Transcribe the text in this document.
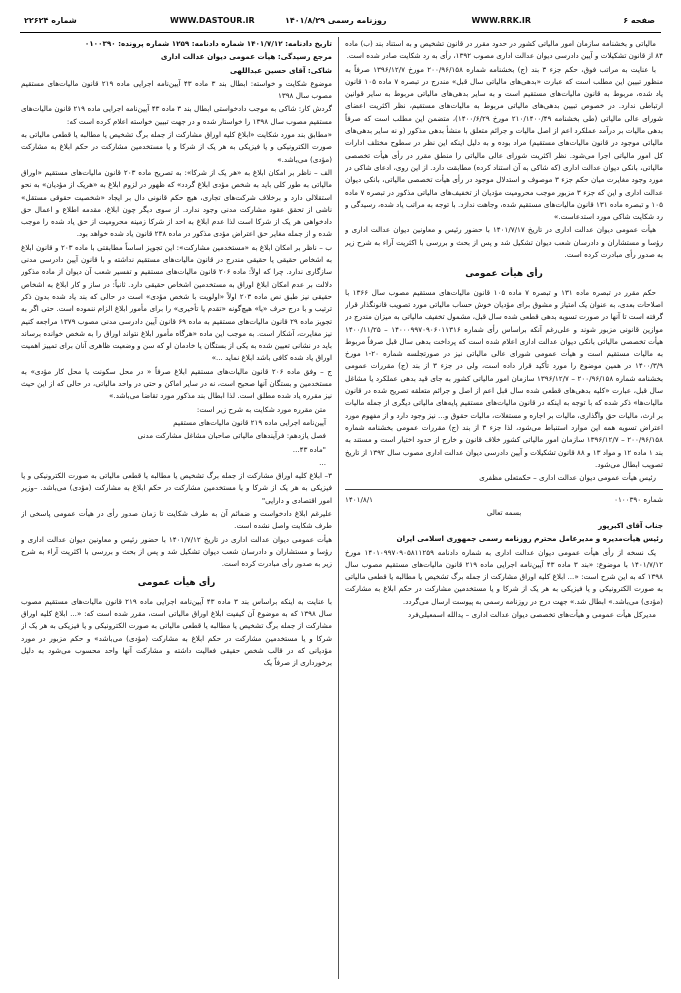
صفحه ۶
WWW.RRK.IR
روزنامه رسمی ۱۴۰۱/۸/۲۹
WWW.DASTOUR.IR
شماره ۲۲۶۲۴

مالیاتی و بخشنامه سازمان امور مالیاتی کشور در حدود مقرر در قانون تشخیص و به استناد بند (ب) ماده ۸۴ از قانون تشکیلات و آیین دادرسی دیوان عدالت اداری مصوب ۱۳۹۲، رأی به رد شکایت صادر شده است.

با عنایت به مراتب فوق، حکم جزء ۳ بند (ج) بخشنامه شماره ۲۰۰/۹۶/۱۵۸ مورخ ۱۳۹۶/۱۲/۷ صرفاً به منظور تبیین این مطلب است که عبارت «بدهی‌های مالیاتی سال قبل» مندرج در تبصره ۷ ماده ۱۰۵ قانون یاد شده، مربوط به قانون مالیات‌های مستقیم است و به سایر بدهی‌های مالیاتی مربوط به سایر قوانین ارتباطی ندارد. در خصوص تبیین بدهی‌های مالیاتی مربوط به مالیات‌های مستقیم، نظر اکثریت اعضای شورای عالی مالیاتی (طی بخشنامه ۲۱۰/۱۴۰۰/۴۹ مورخ ۱۴۰۰/۶/۲۹)، متضمن این مطلب است که صرفاً بدهی مالیات بر درآمد عملکرد اعم از اصل مالیات و جرائم متعلق با منشأ بدهی مذکور (و نه سایر بدهی‌های مالیاتی موجود در قانون مالیات‌های مستقیم) مراد بوده و به دلیل اینکه این نظر در سطوح مختلف ادارات کل امور مالیاتی اجرا می‌شود. نظر اکثریت شورای عالی مالیاتی را منطق مقرر در رأی هیأت تخصصی مالیاتی، بانکی دیوان عدالت اداری (که شاکی به آن استناد کرده) مطابقت دارد. از این روی، ادعای شاکی در مورد وجود مغایرت میان حکم جزء ۳ موصوف و استدلال موجود در رأی هیأت تخصصی مالیاتی، بانکی دیوان عدالت اداری و این که جزء ۳ مزبور موجب محرومیت مؤدیان از تخفیف‌های مالیاتی مذکور در تبصره ۷ ماده ۱۰۵ و تبصره ماده ۱۳۱ قانون مالیات‌های مستقیم شده، وجاهت ندارد. با توجه به مراتب یاد شده، رسیدگی و رد شکایت شاکی مورد استدعاست.»

هیأت عمومی دیوان عدالت اداری در تاریخ ۱۴۰۱/۷/۱۷ با حضور رئیس و معاونین دیوان عدالت اداری و رؤسا و مستشاران و دادرسان شعب دیوان تشکیل شد و پس از بحث و بررسی با اکثریت آراء به شرح زیر به صدور رأی مبادرت کرده است.

رأی هیأت عمومی

حکم مقرر در تبصره ماده ۱۳۱ و تبصره ۷ ماده ۱۰۵ قانون مالیات‌های مستقیم مصوب سال ۱۳۶۶ با اصلاحات بعدی، به عنوان یک امتیاز و مشوق برای مؤدیان خوش حساب مالیاتی مورد تصویب قانونگذار قرار گرفته است تا آنها در صورت تسویه بدهی قطعی شده سال قبل، مشمول تخفیف مالیاتی به میزان مندرج در موازین قانونی مزبور شوند و علی‌رغم آنکه براساس رأی شماره ۱۴۰۰۰۹۹۷۰۹۰۶۰۱۱۳۱۶ – ۱۴۰۰/۱۱/۲۵ هیأت تخصصی مالیاتی بانکی دیوان عدالت اداری اعلام شده است که پرداخت بدهی سال قبل صرفاً مربوط به مالیات مستقیم است و هیأت عمومی شورای عالی مالیاتی نیز در صورتجلسه شماره ۲۰-۱ مورخ ۱۴۰۰/۳/۹ در همین موضوع را مورد تأکید قرار داده است، ولی در جزء ۳ از بند (ج) مقررات عمومی بخشنامه شماره ۲۰۰/۹۶/۱۵۸ – ۱۳۹۶/۱۲/۷ سازمان امور مالیاتی کشور به جای قید بدهی عملکرد یا مشاغل سال قبل، عبارت «کلیه بدهی‌های قطعی شده سال قبل اعم از اصل و جرائم متعلقه تصریح شده در قانون مالیات‌ها» ذکر شده که با توجه به اینکه در قانون مالیات‌های مستقیم پایه‌های مالیاتی دیگری از جمله مالیات بر ارث، مالیات حق واگذاری، مالیات بر اجاره و مستغلات، مالیات حقوق و... نیز وجود دارد و از مفهوم مورد اعتراض تسویه همه این موارد استنباط می‌شود، لذا جزء ۳ از بند (ج) مقررات عمومی بخشنامه شماره ۲۰۰/۹۶/۱۵۸ – ۱۳۹۶/۱۲/۷ سازمان امور مالیاتی کشور خلاف قانون و خارج از حدود اختیار است و مستند به بند ۱ ماده ۱۲ و مواد ۱۳ و ۸۸ قانون تشکیلات و آیین دادرسی دیوان عدالت اداری مصوب سال ۱۳۹۲ از تاریخ تصویب ابطال می‌شود.

رئیس هیأت عمومی دیوان عدالت اداری – حکمتعلی مظفری

شماره ۰۱۰۰۳۹۰
۱۴۰۱/۸/۱

بسمه تعالی

جناب آقای اکبرپور

رئیس هیأت‌مدیره و مدیرعامل محترم روزنامه رسمی جمهوری اسلامی ایران

یک نسخه از رأی هیأت عمومی دیوان عدالت اداری به شماره دادنامه ۱۴۰۱۰۹۹۷۰۹۰۵۸۱۱۲۵۹ مورخ ۱۴۰۱/۷/۱۲ با موضوع: «بند ۳ ماده ۴۳ آیین‌نامه اجرایی ماده ۲۱۹ قانون مالیات‌های مستقیم مصوب سال ۱۳۹۸ که به این شرح است: «... ابلاغ کلیه اوراق مشارکت از جمله برگ تشخیص یا مطالبه یا قطعی مالیاتی به صورت الکترونیکی و یا فیزیکی به هر یک از شرکا و یا مستخدمین مشارکت در حکم ابلاغ به مشارکت (مؤدی) می‌باشد.» ابطال شد.» جهت درج در روزنامه رسمی به پیوست ارسال می‌گردد.

مدیرکل هیأت عمومی و هیأت‌های تخصصی دیوان عدالت اداری – یدالله اسمعیلی‌فرد

تاریخ دادنامه: ۱۴۰۱/۷/۱۲ شماره دادنامه: ۱۲۵۹ شماره پرونده: ۰۱۰۰۳۹۰

مرجع رسیدگی: هیأت عمومی دیوان عدالت اداری

شاکی: آقای حسین عبداللهی

موضوع شکایت و خواسته: ابطال بند ۳ ماده ۴۳ آیین‌نامه اجرایی ماده ۲۱۹ قانون مالیات‌های مستقیم مصوب سال ۱۳۹۸

گردش کار: شاکی به موجب دادخواستی ابطال بند ۳ ماده ۴۳ آیین‌نامه اجرایی ماده ۲۱۹ قانون مالیات‌های مستقیم مصوب سال ۱۳۹۸ را خواستار شده و در جهت تبیین خواسته اعلام کرده است که:

«مطابق بند مورد شکایت «ابلاغ کلیه اوراق مشارکت از جمله برگ تشخیص یا مطالبه یا قطعی مالیاتی به صورت الکترونیکی و یا فیزیکی به هر یک از شرکا و یا مستخدمین مشارکت در حکم ابلاغ به مشارکت (مؤدی) می‌باشد.»

الف – ناظر بر امکان ابلاغ به «هر یک از شرکا»: به تصریح ماده ۲۰۳ قانون مالیات‌های مستقیم «اوراق مالیاتی به طور کلی باید به شخص مؤدی ابلاغ گردد» که ظهور در لزوم ابلاغ به «هریک از مؤدیان» به نحو استقلالی دارد و برخلاف شرکت‌های تجاری، هیچ حکم قانونی دال بر ایجاد «شخصیت حقوقی مستقل» ناشی از تحقق عقود مشارکت مدنی وجود ندارد. از سوی دیگر چون ابلاغ، مقدمه اطلاع و اعمال حق دادخواهی هر یک از شرکا است لذا عدم ابلاغ به احد از شرکا زمینه محرومیت از حق یاد شده را موجب شده و از جمله مغایر حق اعتراض مؤدی مذکور در ماده ۲۳۸ قانون یاد شده خواهد بود.

ب – ناظر بر امکان ابلاغ به «مستخدمین مشارکت»: این تجویز اساساً مطابقتی با ماده ۲۰۳ و قانون ابلاغ به اشخاص حقیقی یا حقیقی مندرج در قانون مالیات‌های مستقیم نداشته و با قانون آیین دادرسی مدنی سازگاری ندارد. چرا که اولاً: ماده ۲۰۶ قانون مالیات‌های مستقیم و تفسیر شعب آن دیوان از ماده مذکور دلالت بر عدم امکان ابلاغ اوراق به مستخدمین اشخاص حقیقی دارد. ثانیاً: در ساز و کار ابلاغ به اشخاص حقیقی نیز طبق نص ماده ۲۰۳ اولاً «اولویت با شخص مؤدی» است در حالی که بند یاد شده بدون ذکر ترتیب و با درج حرف «یا» هیچ‌گونه «تقدم یا تأخیری» را برای مأمور ابلاغ الزام ننموده است. حتی اگر به تجویز ماده ۲۹ قانون مالیات‌های مستقیم به ماده ۶۹ قانون آیین دادرسی مدنی مصوب ۱۳۷۹ مراجعه کنیم نیز مغایرت، آشکار است. به موجب این ماده «هرگاه مأمور ابلاغ نتواند اوراق را به شخص خوانده برساند باید در نشانی تعیین شده به یکی از بستگان یا خادمان او که سن و وضعیت ظاهری آنان برای تمییز اهمیت اوراق یاد شده کافی باشد ابلاغ نماید ...»

ج – وفق ماده ۲۰۶ قانون مالیات‌های مستقیم ابلاغ صرفاً « در محل سکونت یا محل کار مؤدی» به مستخدمین و بستگان آنها صحیح است، نه در سایر اماکن و حتی در واحد مالیاتی، در حالی که از این حیث نیز مقرره یاد شده مطلق است. لذا ابطال بند مذکور مورد تقاضا می‌باشد.»

متن مقرره مورد شکایت به شرح زیر است:

آیین‌نامه اجرایی ماده ۲۱۹ قانون مالیات‌های مستقیم

فصل یازدهم: فرآیندهای مالیاتی صاحبان مشاغل مشارکت مدنی

"ماده ۴۳...

...

۳– ابلاغ کلیه اوراق مشارکت از جمله برگ تشخیص یا مطالبه یا قطعی مالیاتی به صورت الکترونیکی و یا فیزیکی به هر یک از شرکا و یا مستخدمین مشارکت در حکم ابلاغ به مشارکت (مؤدی) می‌باشد. –وزیر امور اقتصادی و دارایی"

علیرغم ابلاغ دادخواست و ضمائم آن به طرف شکایت تا زمان صدور رأی در هیأت عمومی پاسخی از طرف شکایت واصل نشده است.

هیأت عمومی دیوان عدالت اداری در تاریخ ۱۴۰۱/۷/۱۲ با حضور رئیس و معاونین دیوان عدالت اداری و رؤسا و مستشاران و دادرسان شعب دیوان تشکیل شد و پس از بحث و بررسی با اکثریت آراء به شرح زیر به صدور رأی مبادرت کرده است.

رأی هیأت عمومی

با عنایت به اینکه براساس بند ۳ ماده ۴۳ آیین‌نامه اجرایی ماده ۲۱۹ قانون مالیات‌های مستقیم مصوب سال ۱۳۹۸ که به موضوع آن کیفیت ابلاغ اوراق مالیاتی است، مقرر شده است که: «... ابلاغ کلیه اوراق مشارکت از جمله برگ تشخیص یا مطالبه یا قطعی مالیاتی به صورت الکترونیکی و یا فیزیکی به هر یک از شرکا و یا مستخدمین مشارکت در حکم ابلاغ به مشارکت (مؤدی) می‌باشد» و حکم مزبور در مورد مؤدیانی که در قالب شخص حقیقی فعالیت داشته و مشارکت آنها واحد محسوب می‌شود به دلیل برخورداری از صرفاً یک
